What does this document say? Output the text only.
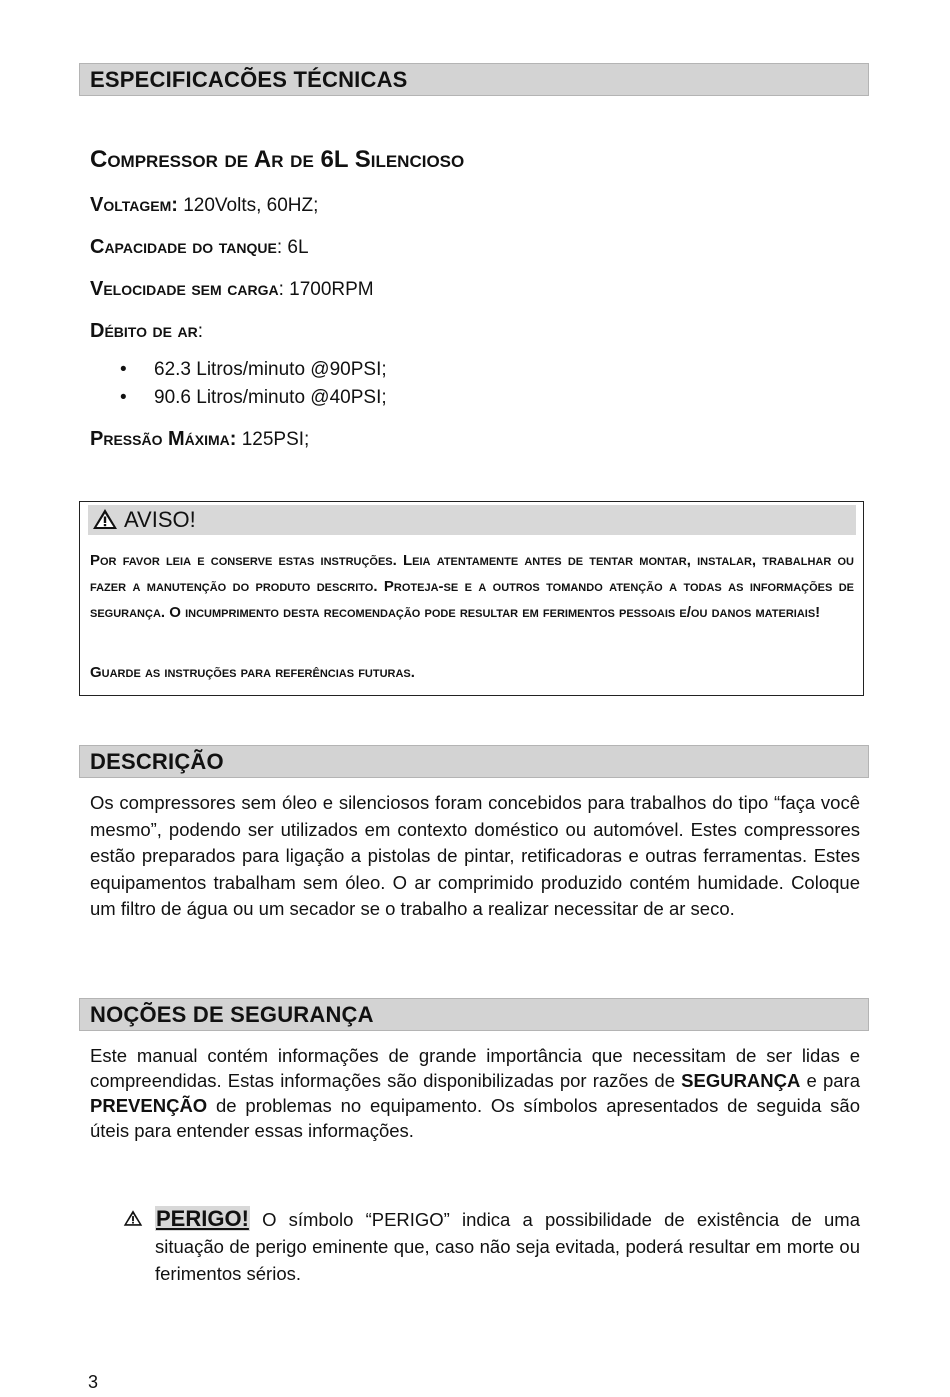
ESPECIFICACÕES TÉCNICAS
Compressor de Ar de 6L Silencioso
Voltagem: 120Volts, 60HZ;
Capacidade do tanque: 6L
Velocidade sem carga: 1700RPM
Débito de ar:
• 62.3 Litros/minuto @90PSI;
• 90.6 Litros/minuto @40PSI;
Pressão Máxima: 125PSI;
AVISO!
Por favor leia e conserve estas instruções. Leia atentamente antes de tentar montar, instalar, trabalhar ou fazer a manutenção do produto descrito. Proteja-se e a outros tomando atenção a todas as informações de segurança. O incumprimento desta recomendação pode resultar em ferimentos pessoais e/ou danos materiais!
Guarde as instruções para referências futuras.
DESCRIÇÃO
Os compressores sem óleo e silenciosos foram concebidos para trabalhos do tipo “faça você mesmo”, podendo ser utilizados em contexto doméstico ou automóvel. Estes compressores estão preparados para ligação a pistolas de pintar, retificadoras e outras ferramentas. Estes equipamentos trabalham sem óleo. O ar comprimido produzido contém humidade. Coloque um filtro de água ou um secador se o trabalho a realizar necessitar de ar seco.
NOÇÕES DE SEGURANÇA
Este manual contém informações de grande importância que necessitam de ser lidas e compreendidas. Estas informações são disponibilizadas por razões de SEGURANÇA e para PREVENÇÃO de problemas no equipamento. Os símbolos apresentados de seguida são úteis para entender essas informações.
PERIGO! O símbolo “PERIGO” indica a possibilidade de existência de uma situação de perigo eminente que, caso não seja evitada, poderá resultar em morte ou ferimentos sérios.
3
